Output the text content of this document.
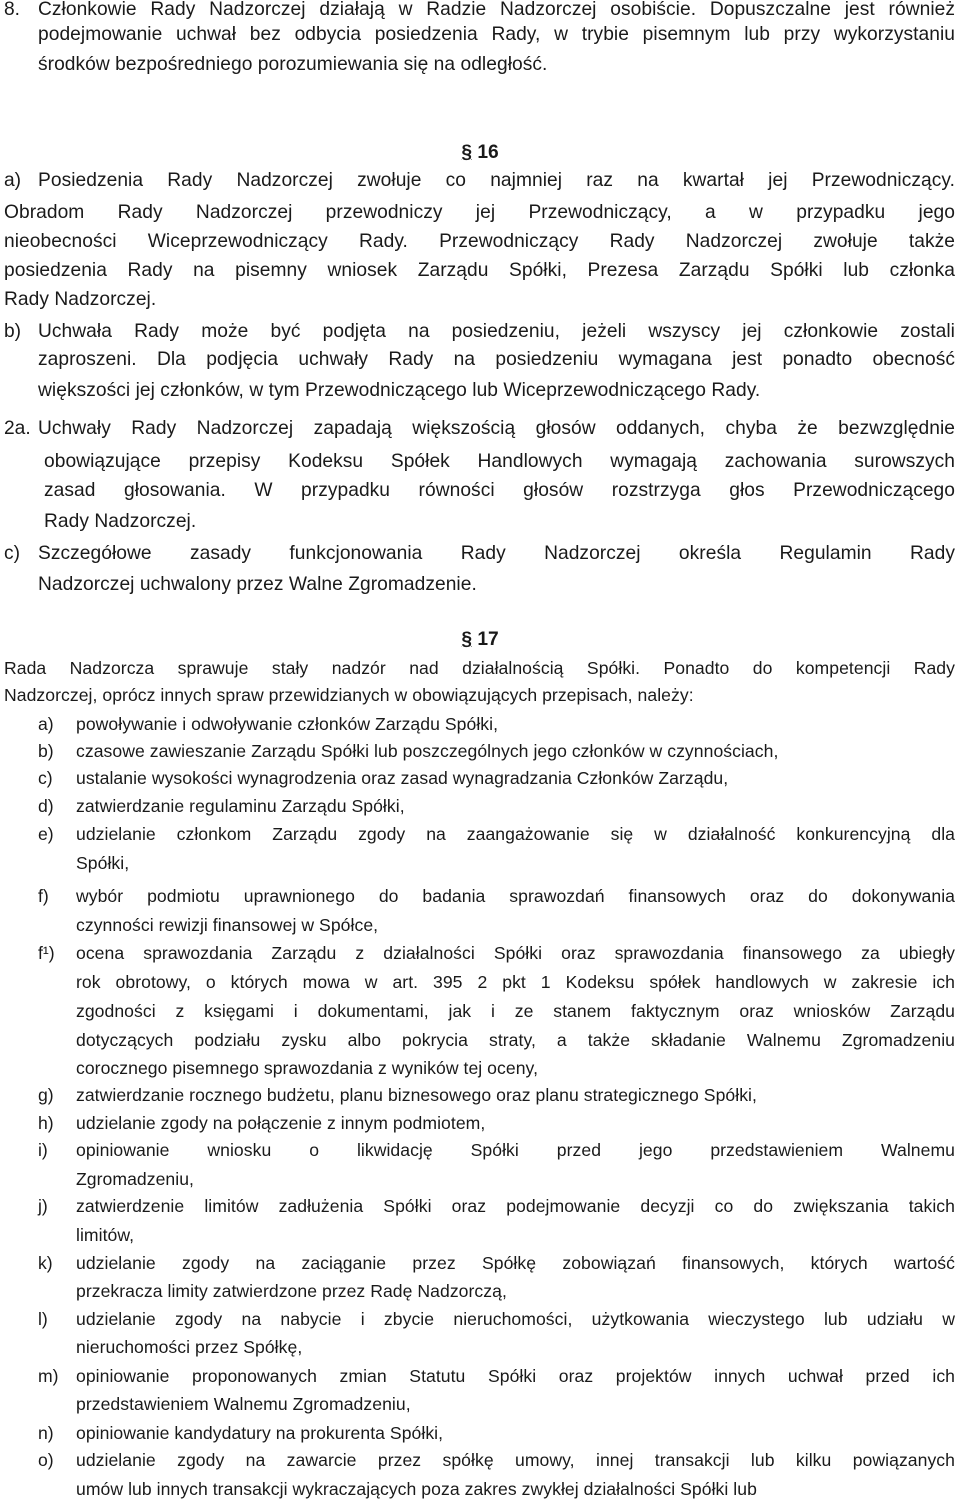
8. Członkowie Rady Nadzorczej działają w Radzie Nadzorczej osobiście. Dopuszczalne jest również
podejmowanie uchwał bez odbycia posiedzenia Rady, w trybie pisemnym lub przy wykorzystaniu
środków bezpośredniego porozumiewania się na odległość.
§ 16
a) Posiedzenia Rady Nadzorczej zwołuje co najmniej raz na kwartał jej Przewodniczący.
Obradom Rady Nadzorczej przewodniczy jej Przewodniczący, a w przypadku jego
nieobecności Wiceprzewodniczący Rady. Przewodniczący Rady Nadzorczej zwołuje także
posiedzenia Rady na pisemny wniosek Zarządu Spółki, Prezesa Zarządu Spółki lub członka
Rady Nadzorczej.
b) Uchwała Rady może być podjęta na posiedzeniu, jeżeli wszyscy jej członkowie zostali
zaproszeni. Dla podjęcia uchwały Rady na posiedzeniu wymagana jest ponadto obecność
większości jej członków, w tym Przewodniczącego lub Wiceprzewodniczącego Rady.
2a. Uchwały Rady Nadzorczej zapadają większością głosów oddanych, chyba że bezwzględnie
obowiązujące przepisy Kodeksu Spółek Handlowych wymagają zachowania surowszych
zasad głosowania. W przypadku równości głosów rozstrzyga głos Przewodniczącego
Rady Nadzorczej.
c) Szczegółowe zasady funkcjonowania Rady Nadzorczej określa Regulamin Rady
Nadzorczej uchwalony przez Walne Zgromadzenie.
§ 17
Rada Nadzorcza sprawuje stały nadzór nad działalnością Spółki. Ponadto do kompetencji Rady
Nadzorczej, oprócz innych spraw przewidzianych w obowiązujących przepisach, należy:
a) powoływanie i odwoływanie członków Zarządu Spółki,
b) czasowe zawieszanie Zarządu Spółki lub poszczególnych jego członków w czynnościach,
c) ustalanie wysokości wynagrodzenia oraz zasad wynagradzania Członków Zarządu,
d) zatwierdzanie regulaminu Zarządu Spółki,
e) udzielanie członkom Zarządu zgody na zaangażowanie się w działalność konkurencyjną dla
Spółki,
f) wybór podmiotu uprawnionego do badania sprawozdań finansowych oraz do dokonywania
czynności rewizji finansowej w Spółce,
f¹) ocena sprawozdania Zarządu z działalności Spółki oraz sprawozdania finansowego za ubiegły
rok obrotowy, o których mowa w art. 395 2 pkt 1 Kodeksu spółek handlowych w zakresie ich
zgodności z księgami i dokumentami, jak i ze stanem faktycznym oraz wniosków Zarządu
dotyczących podziału zysku albo pokrycia straty, a także składanie Walnemu Zgromadzeniu
corocznego pisemnego sprawozdania z wyników tej oceny,
g) zatwierdzanie rocznego budżetu, planu biznesowego oraz planu strategicznego Spółki,
h) udzielanie zgody na połączenie z innym podmiotem,
i) opiniowanie wniosku o likwidację Spółki przed jego przedstawieniem Walnemu
Zgromadzeniu,
j) zatwierdzenie limitów zadłużenia Spółki oraz podejmowanie decyzji co do zwiększania takich
limitów,
k) udzielanie zgody na zaciąganie przez Spółkę zobowiązań finansowych, których wartość
przekracza limity zatwierdzone przez Radę Nadzorczą,
l) udzielanie zgody na nabycie i zbycie nieruchomości, użytkowania wieczystego lub udziału w
nieruchomości przez Spółkę,
m) opiniowanie proponowanych zmian Statutu Spółki oraz projektów innych uchwał przed ich
przedstawieniem Walnemu Zgromadzeniu,
n) opiniowanie kandydatury na prokurenta Spółki,
o) udzielanie zgody na zawarcie przez spółkę umowy, innej transakcji lub kilku powiązanych
umów lub innych transakcji wykraczających poza zakres zwykłej działalności Spółki lub
